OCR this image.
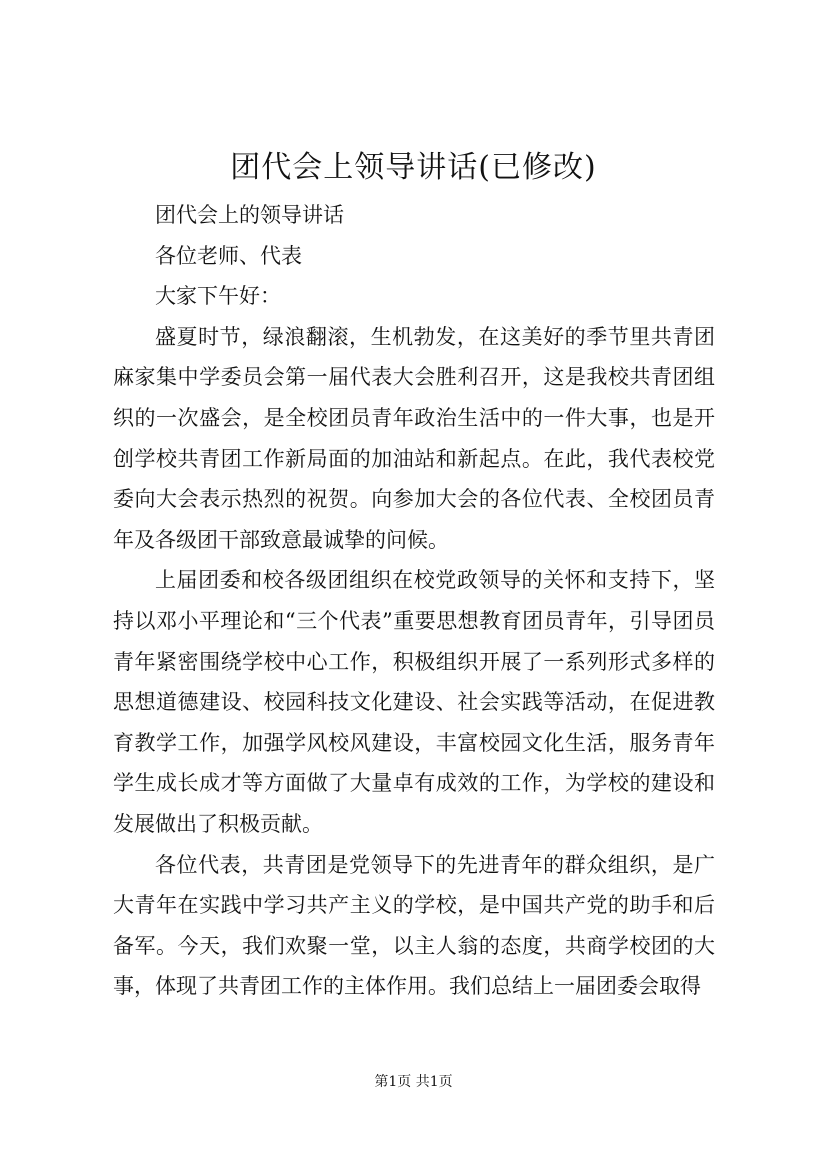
团代会上领导讲话(已修改)

团代会上的领导讲话

各位老师、代表

大家下午好：

盛夏时节，绿浪翻滚，生机勃发，在这美好的季节里共青团麻家集中学委员会第一届代表大会胜利召开，这是我校共青团组织的一次盛会，是全校团员青年政治生活中的一件大事，也是开创学校共青团工作新局面的加油站和新起点。在此，我代表校党委向大会表示热烈的祝贺。向参加大会的各位代表、全校团员青年及各级团干部致意最诚挚的问候。

上届团委和校各级团组织在校党政领导的关怀和支持下，坚持以邓小平理论和“三个代表”重要思想教育团员青年，引导团员青年紧密围绕学校中心工作，积极组织开展了一系列形式多样的思想道德建设、校园科技文化建设、社会实践等活动，在促进教育教学工作，加强学风校风建设，丰富校园文化生活，服务青年学生成长成才等方面做了大量卓有成效的工作，为学校的建设和发展做出了积极贡献。

各位代表，共青团是党领导下的先进青年的群众组织，是广大青年在实践中学习共产主义的学校，是中国共产党的助手和后备军。今天，我们欢聚一堂，以主人翁的态度，共商学校团的大事，体现了共青团工作的主体作用。我们总结上一届团委会取得

第1页 共1页
